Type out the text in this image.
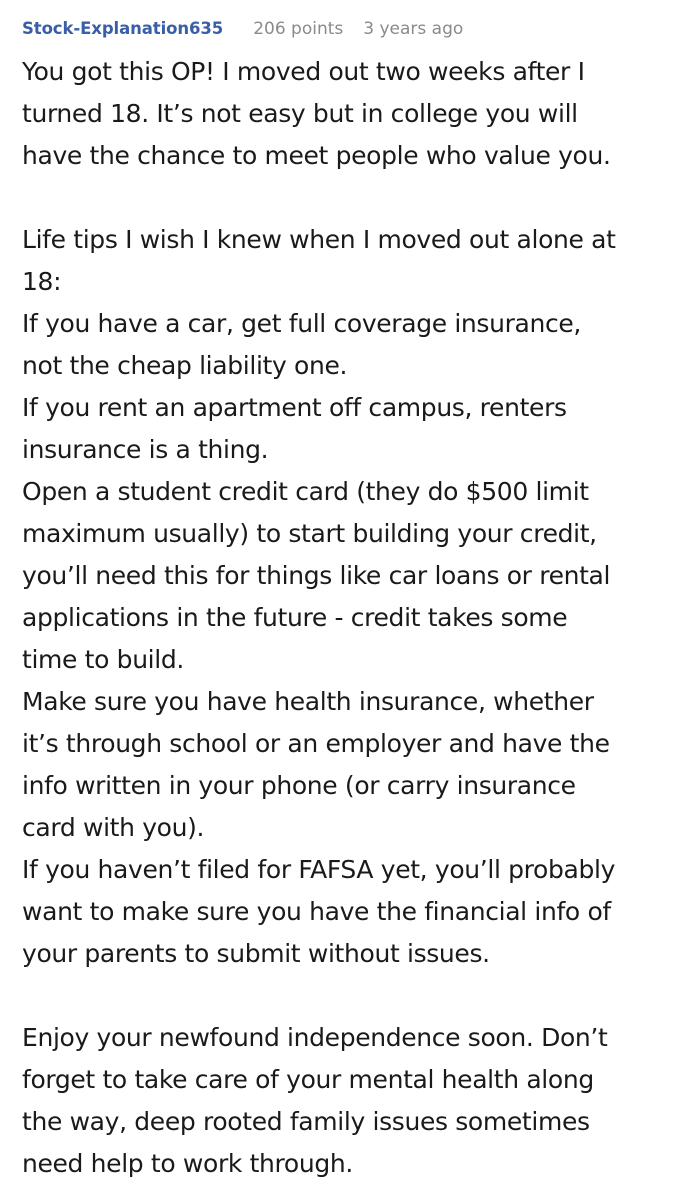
Stock-Explanation635 206 points 3 years ago
You got this OP! I moved out two weeks after I
turned 18. It’s not easy but in college you will
have the chance to meet people who value you.
Life tips I wish I knew when I moved out alone at
18:
If you have a car, get full coverage insurance,
not the cheap liability one.
If you rent an apartment off campus, renters
insurance is a thing.
Open a student credit card (they do $500 limit
maximum usually) to start building your credit,
you’ll need this for things like car loans or rental
applications in the future - credit takes some
time to build.
Make sure you have health insurance, whether
it’s through school or an employer and have the
info written in your phone (or carry insurance
card with you).
If you haven’t filed for FAFSA yet, you’ll probably
want to make sure you have the financial info of
your parents to submit without issues.
Enjoy your newfound independence soon. Don’t
forget to take care of your mental health along
the way, deep rooted family issues sometimes
need help to work through.
